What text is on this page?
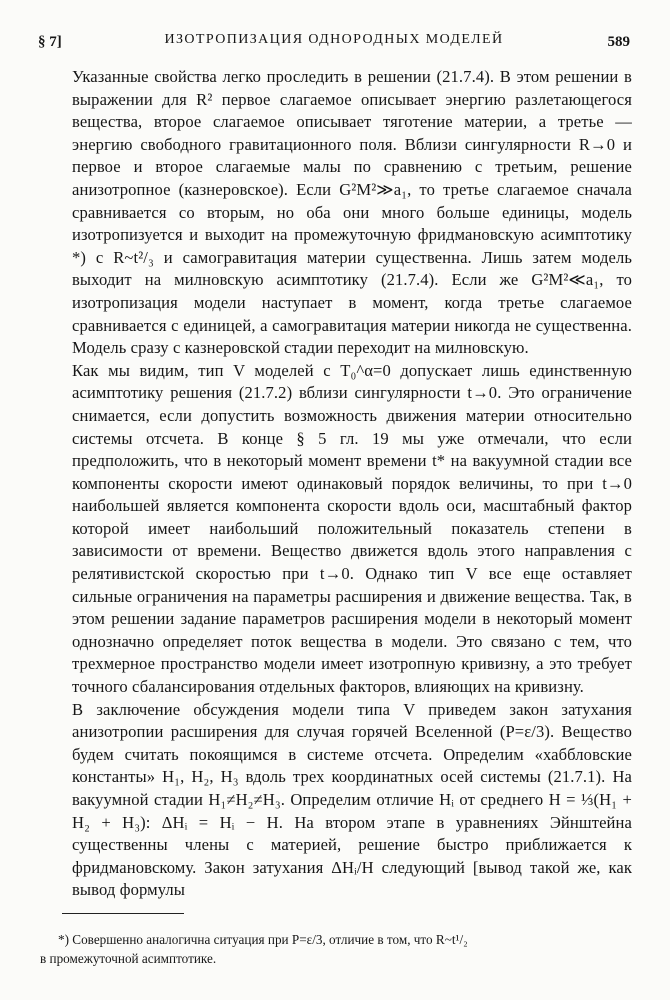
§ 7]	ИЗОТРОПИЗАЦИЯ ОДНОРОДНЫХ МОДЕЛЕЙ	589

Указанные свойства легко проследить в решении (21.7.4). В этом решении в выражении для R² первое слагаемое описывает энергию разлетающегося вещества, второе слагаемое описывает тяготение материи, а третье — энергию свободного гравитационного поля. Вблизи сингулярности R→0 и первое и второе слагаемые малы по сравнению с третьим, решение анизотропное (казнеровское). Если G²M²≫a₁, то третье слагаемое сначала сравнивается со вторым, но оба они много больше единицы, модель изотропизуется и выходит на промежуточную фридмановскую асимптотику *) с R~t²/₃ и самогравитация материи существенна. Лишь затем модель выходит на милновскую асимптотику (21.7.4). Если же G²M²≪a₁, то изотропизация модели наступает в момент, когда третье слагаемое сравнивается с единицей, а самогравитация материи никогда не существенна. Модель сразу с казнеровской стадии переходит на милновскую.

Как мы видим, тип V моделей с T₀^α=0 допускает лишь единственную асимптотику решения (21.7.2) вблизи сингулярности t→0. Это ограничение снимается, если допустить возможность движения материи относительно системы отсчета. В конце § 5 гл. 19 мы уже отмечали, что если предположить, что в некоторый момент времени t* на вакуумной стадии все компоненты скорости имеют одинаковый порядок величины, то при t→0 наибольшей является компонента скорости вдоль оси, масштабный фактор которой имеет наибольший положительный показатель степени в зависимости от времени. Вещество движется вдоль этого направления с релятивистской скоростью при t→0. Однако тип V все еще оставляет сильные ограничения на параметры расширения и движение вещества. Так, в этом решении задание параметров расширения модели в некоторый момент однозначно определяет поток вещества в модели. Это связано с тем, что трехмерное пространство модели имеет изотропную кривизну, а это требует точного сбалансирования отдельных факторов, влияющих на кривизну.

В заключение обсуждения модели типа V приведем закон затухания анизотропии расширения для случая горячей Вселенной (P=ε/3). Вещество будем считать покоящимся в системе отсчета. Определим «хаббловские константы» H₁, H₂, H₃ вдоль трех координатных осей системы (21.7.1). На вакуумной стадии H₁≠H₂≠H₃. Определим отличие Hᵢ от среднего H = ⅓(H₁ + H₂ + H₃): ΔHᵢ = Hᵢ − H. На втором этапе в уравнениях Эйнштейна существенны члены с материей, решение быстро приближается к фридмановскому. Закон затухания ΔHᵢ/H следующий [вывод такой же, как вывод формулы

*) Совершенно аналогична ситуация при P=ε/3, отличие в том, что R~t¹/₂
в промежуточной асимптотике.
